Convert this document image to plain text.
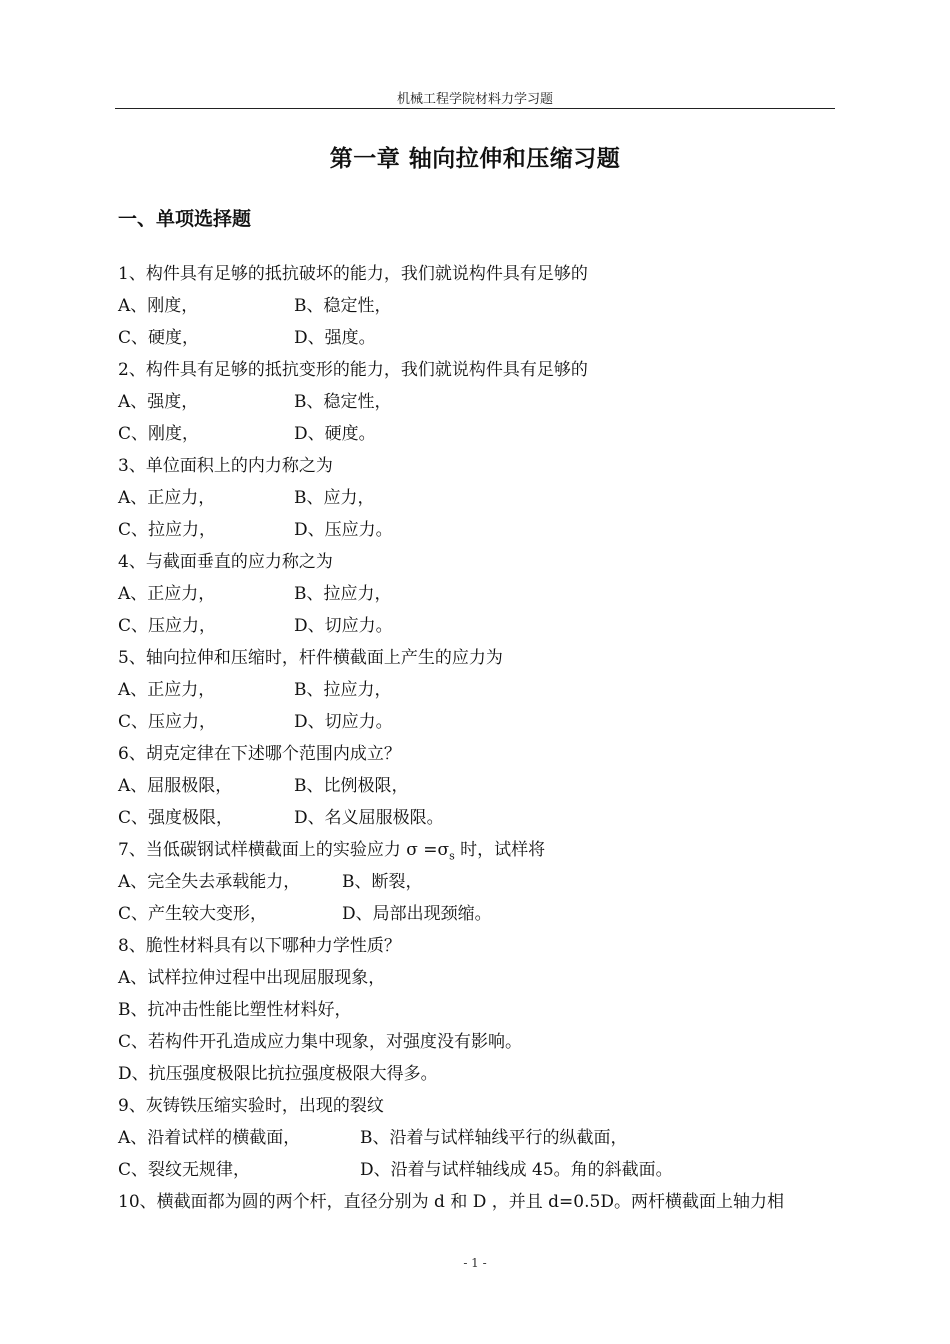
机械工程学院材料力学习题
第一章 轴向拉伸和压缩习题
一、单项选择题
1、构件具有足够的抵抗破坏的能力，我们就说构件具有足够的
A、刚度，	B、稳定性，
C、硬度，	D、强度。
2、构件具有足够的抵抗变形的能力，我们就说构件具有足够的
A、强度，	B、稳定性，
C、刚度，	D、硬度。
3、单位面积上的内力称之为
A、正应力，	B、应力，
C、拉应力，	D、压应力。
4、与截面垂直的应力称之为
A、正应力，	B、拉应力，
C、压应力，	D、切应力。
5、轴向拉伸和压缩时，杆件横截面上产生的应力为
A、正应力，	B、拉应力，
C、压应力，	D、切应力。
6、胡克定律在下述哪个范围内成立？
A、屈服极限，	B、比例极限，
C、强度极限，	D、名义屈服极限。
7、当低碳钢试样横截面上的实验应力 $\sigma =\sigma_s$ 时，试样将
A、完全失去承载能力， B、断裂，
C、产生较大变形，	D、局部出现颈缩。
8、脆性材料具有以下哪种力学性质？
A、试样拉伸过程中出现屈服现象，
B、抗冲击性能比塑性材料好，
C、若构件开孔造成应力集中现象，对强度没有影响。
D、抗压强度极限比抗拉强度极限大得多。
9、灰铸铁压缩实验时，出现的裂纹
A、沿着试样的横截面，	B、沿着与试样轴线平行的纵截面，
C、裂纹无规律，	D、沿着与试样轴线成 45。角的斜截面。
10、横截面都为圆的两个杆，直径分别为 d 和 D ，并且 d=0.5D。两杆横截面上轴力相
- 1 -
